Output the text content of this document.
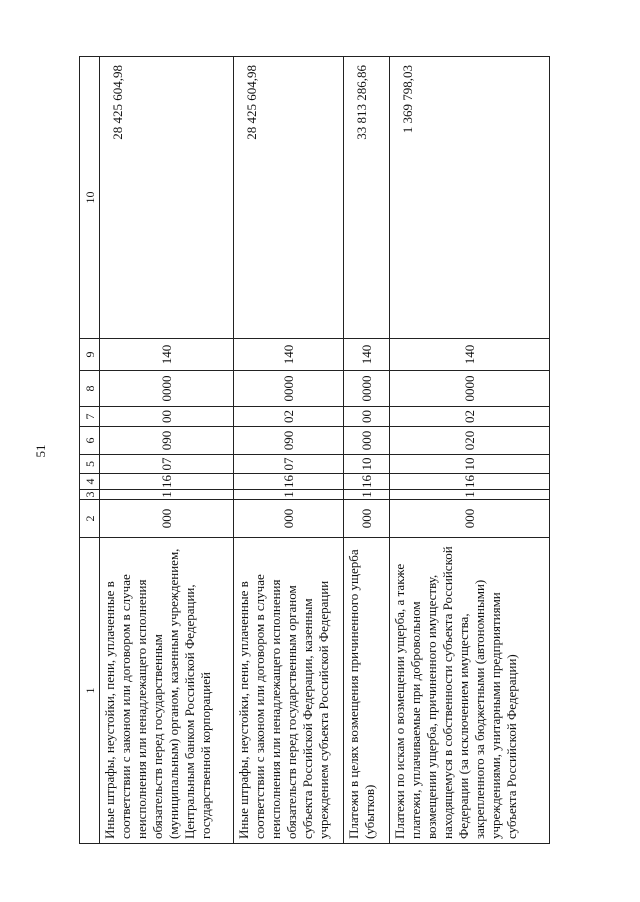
51
1	2	3	4	5	6	7	8	9	10
Иные штрафы, неустойки, пени, уплаченные в соответствии с законом или договором в случае неисполнения или ненадлежащего исполнения обязательств перед государственным (муниципальным) органом, казенным учреждением, Центральным банком Российской Федерации, государственной корпорацией	000	1	16	07	090	00	0000	140	28 425 604,98
Иные штрафы, неустойки, пени, уплаченные в соответствии с законом или договором в случае неисполнения или ненадлежащего исполнения обязательств перед государственным органом субъекта Российской Федерации, казенным учреждением субъекта Российской Федерации	000	1	16	07	090	02	0000	140	28 425 604,98
Платежи в целях возмещения причиненного ущерба (убытков)	000	1	16	10	000	00	0000	140	33 813 286,86
Платежи по искам о возмещении ущерба, а также платежи, уплачиваемые при добровольном возмещении ущерба, причиненного имуществу, находящемуся в собственности субъекта Российской Федерации (за исключением имущества, закрепленного за бюджетными (автономными) учреждениями, унитарными предприятиями субъекта Российской Федерации)	000	1	16	10	020	02	0000	140	1 369 798,03
